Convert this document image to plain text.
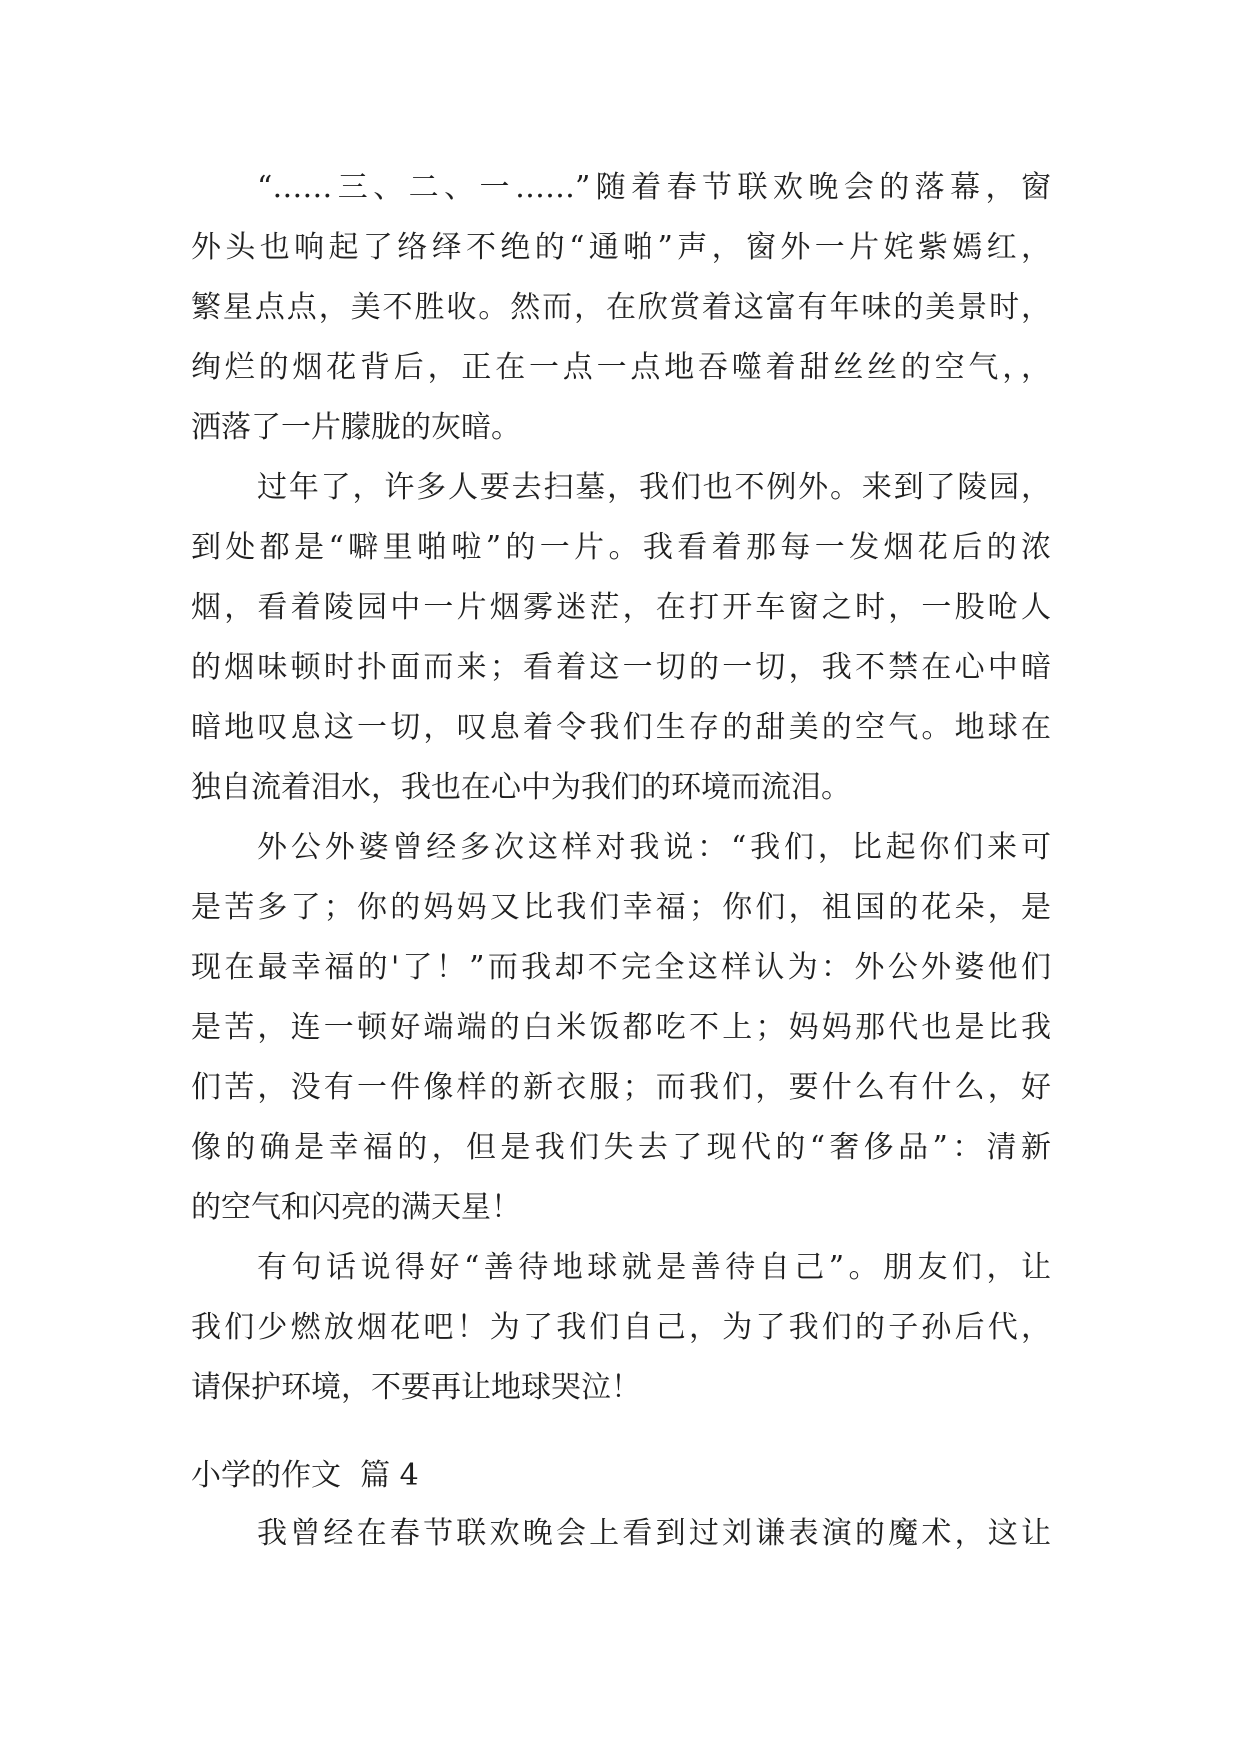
“……三、二、一……”随着春节联欢晚会的落幕，窗

外头也响起了络绎不绝的“通啪”声，窗外一片姹紫嫣红，

繁星点点，美不胜收。然而，在欣赏着这富有年味的美景时，

绚烂的烟花背后，正在一点一点地吞噬着甜丝丝的空气，，

洒落了一片朦胧的灰暗。

过年了，许多人要去扫墓，我们也不例外。来到了陵园，

到处都是“噼里啪啦”的一片。我看着那每一发烟花后的浓

烟，看着陵园中一片烟雾迷茫，在打开车窗之时，一股呛人

的烟味顿时扑面而来；看着这一切的一切，我不禁在心中暗

暗地叹息这一切，叹息着令我们生存的甜美的空气。地球在

独自流着泪水，我也在心中为我们的环境而流泪。

外公外婆曾经多次这样对我说：“我们，比起你们来可

是苦多了；你的妈妈又比我们幸福；你们，祖国的花朵，是

现在最幸福的'了！”而我却不完全这样认为：外公外婆他们

是苦，连一顿好端端的白米饭都吃不上；妈妈那代也是比我

们苦，没有一件像样的新衣服；而我们，要什么有什么，好

像的确是幸福的，但是我们失去了现代的“奢侈品”：清新

的空气和闪亮的满天星！

有句话说得好“善待地球就是善待自己”。朋友们，让

我们少燃放烟花吧！为了我们自己，为了我们的子孙后代，

请保护环境，不要再让地球哭泣！

小学的作文  篇 4

我曾经在春节联欢晚会上看到过刘谦表演的魔术，这让
